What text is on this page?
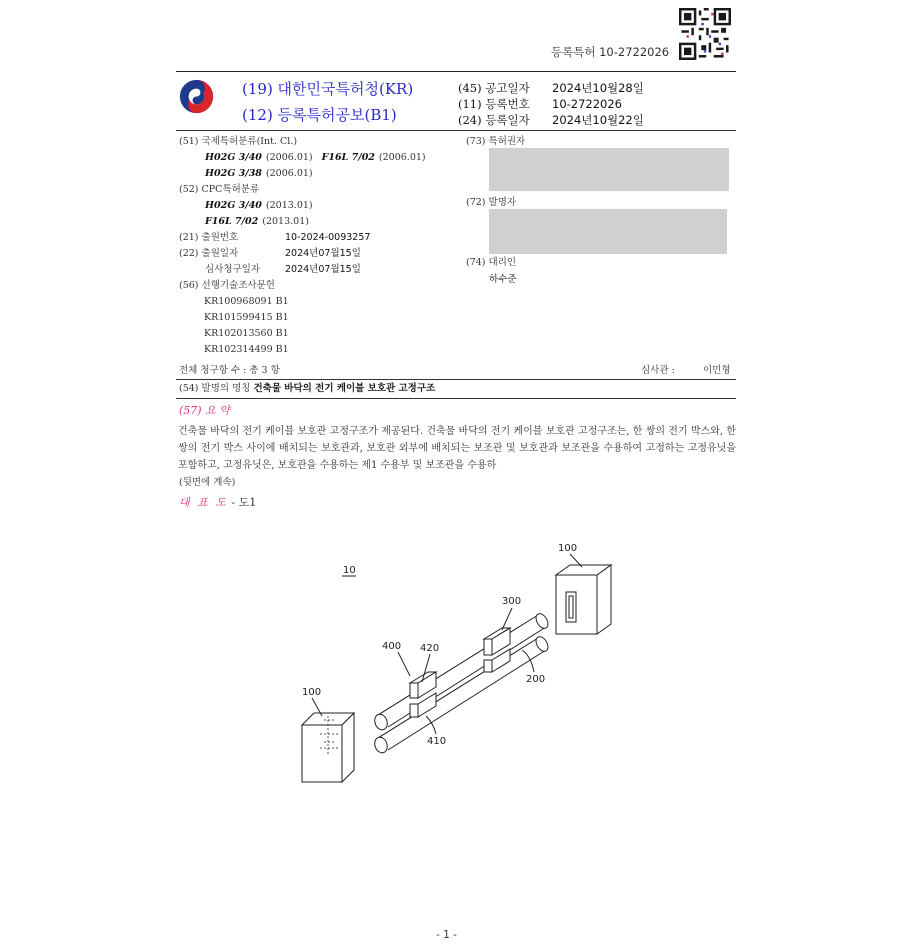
등록특허 10-2722026
(19) 대한민국특허청(KR)
(12) 등록특허공보(B1)
(45) 공고일자 2024년10월28일
(11) 등록번호 10-2722026
(24) 등록일자 2024년10월22일
(51) 국제특허분류(Int. Cl.)
H02G 3/40 (2006.01) F16L 7/02 (2006.01)
H02G 3/38 (2006.01)
(52) CPC특허분류
H02G 3/40 (2013.01)
F16L 7/02 (2013.01)
(21) 출원번호	10-2024-0093257
(22) 출원일자	2024년07월15일
심사청구일자	2024년07월15일
(56) 선행기술조사문헌
KR100968091 B1
KR101599415 B1
KR102013560 B1
KR102314499 B1
(73) 특허권자
(72) 발명자
(74) 대리인
하수준
전체 청구항 수 : 총 3 항	심사관 :	이민형
(54) 발명의 명칭 건축물 바닥의 전기 케이블 보호관 고정구조
(57) 요 약
건축물 바닥의 전기 케이블 보호관 고정구조가 제공된다. 건축물 바닥의 전기 케이블 보호관 고정구조는, 한 쌍의 전기 박스와, 한 쌍의 전기 박스 사이에 배치되는 보호관과, 보호관 외부에 배치되는 보조관 및 보호관과 보조관을 수용하여 고정하는 고정유닛을 포함하고, 고정유닛은, 보호관을 수용하는 제1 수용부 및 보조관을 수용하
(뒷면에 계속)
대 표 도 - 도1
10
100
300
200
400 420
410
100
- 1 -
